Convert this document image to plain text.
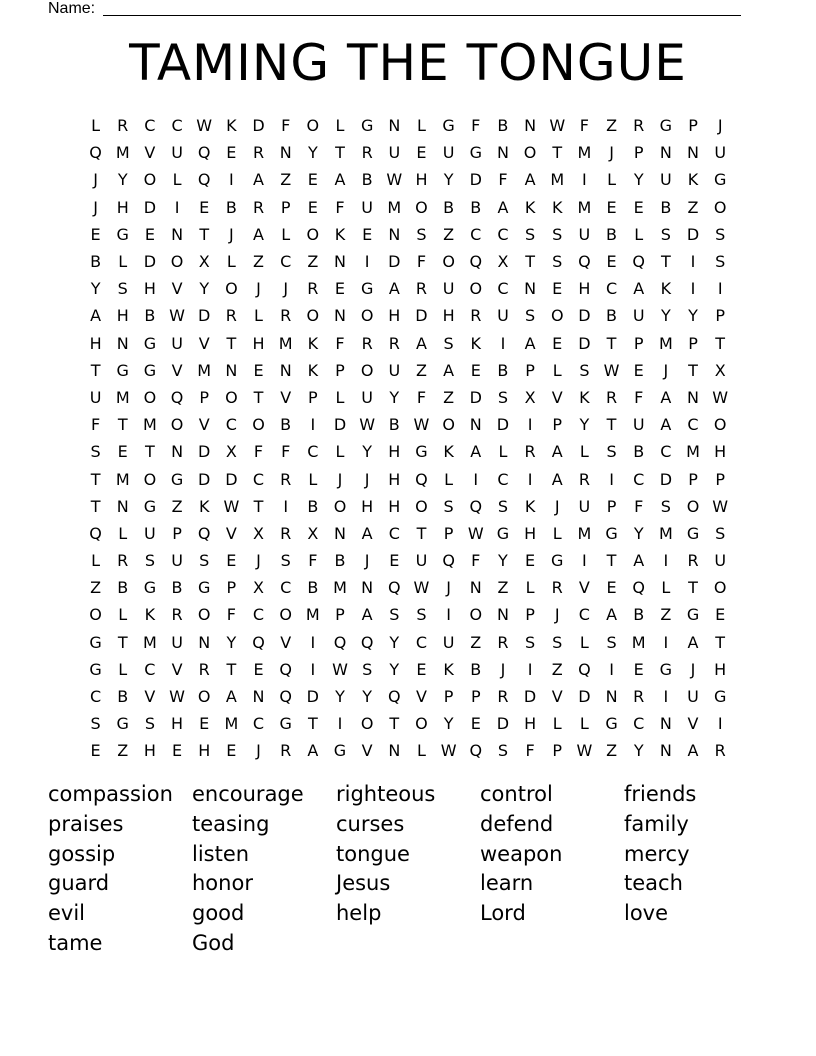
Name:
TAMING THE TONGUE
L	R	C C W K D	F	O	L	G N	L	G	F	B N W F	Z	R G	P	J
Q M V U Q E	R N	Y	T	R U	E	U G N O T M	J	P	N N U
J	Y O	L	Q	I	A	Z	E	A	B W H	Y	D	F	A M	I	L	Y	U	K G
J	H D	I	E	B	R	P	E	F	U M O B	B	A	K	K M E	E	B	Z O
E G E	N	T	J	A	L	O K	E	N	S	Z	C C	S	S	U B	L	S D S
B	L	D O X	L	Z	C	Z N	I	D	F	O Q X	T	S Q E Q T	I	S
Y	S	H V	Y O	J	J	R	E G A	R U O C N	E	H C	A	K	I	I
A H B W D R	L	R O N O H D H R U	S O D B U	Y	Y	P
H N G U V	T	H M K	F	R	R	A	S	K	I	A	E D	T	P M P	T
T	G G V M N	E	N K	P	O U Z	A	E	B	P	L	S W E	J	T	X
U M O Q	P	O T	V	P	L	U	Y	F	Z D S	X	V	K	R	F	A N W
F	T M O V	C O B	I	D W B W O N D	I	P	Y	T	U A	C O
S	E	T	N D X	F	F	C	L	Y	H G K	A	L	R	A	L	S	B	C M H
T M O G D D C	R	L	J	J	H Q	L	I	C	I	A	R	I	C D	P	P
T	N G Z	K W T	I	B O H H O S Q S	K	J	U	P	F	S O W
Q	L	U	P	Q V	X	R	X N A	C	T	P W G H	L M G	Y M G S
L	R	S	U	S	E	J	S	F	B	J	E	U Q	F	Y	E G	I	T	A	I	R U
Z	B G B G	P	X	C	B M N Q W	J	N Z	L	R	V	E Q	L	T O
O	L	K	R O	F	C O M P	A	S	S	I	O N	P	J	C	A	B	Z G E
G	T M U N	Y Q V	I	Q Q Y	C U Z	R	S	S	L	S M	I	A	T
G	L	C	V	R	T	E Q	I	W S	Y	E	K	B	J	I	Z Q	I	E G	J	H
C	B	V W O A N Q D	Y	Y Q V	P	P	R D V D N R	I	U G
S G S	H	E M C G	T	I	O T O Y	E D H	L	L	G C N V	I
E	Z H	E	H	E	J	R	A G V N	L W Q S	F	P W Z	Y	N A	R
compassion encourage	righteous	control	friends
praises	teasing	curses	defend	family
gossip	listen	tongue	weapon	mercy
guard	honor	Jesus	learn	teach
evil	good	help	Lord	love
tame	God
